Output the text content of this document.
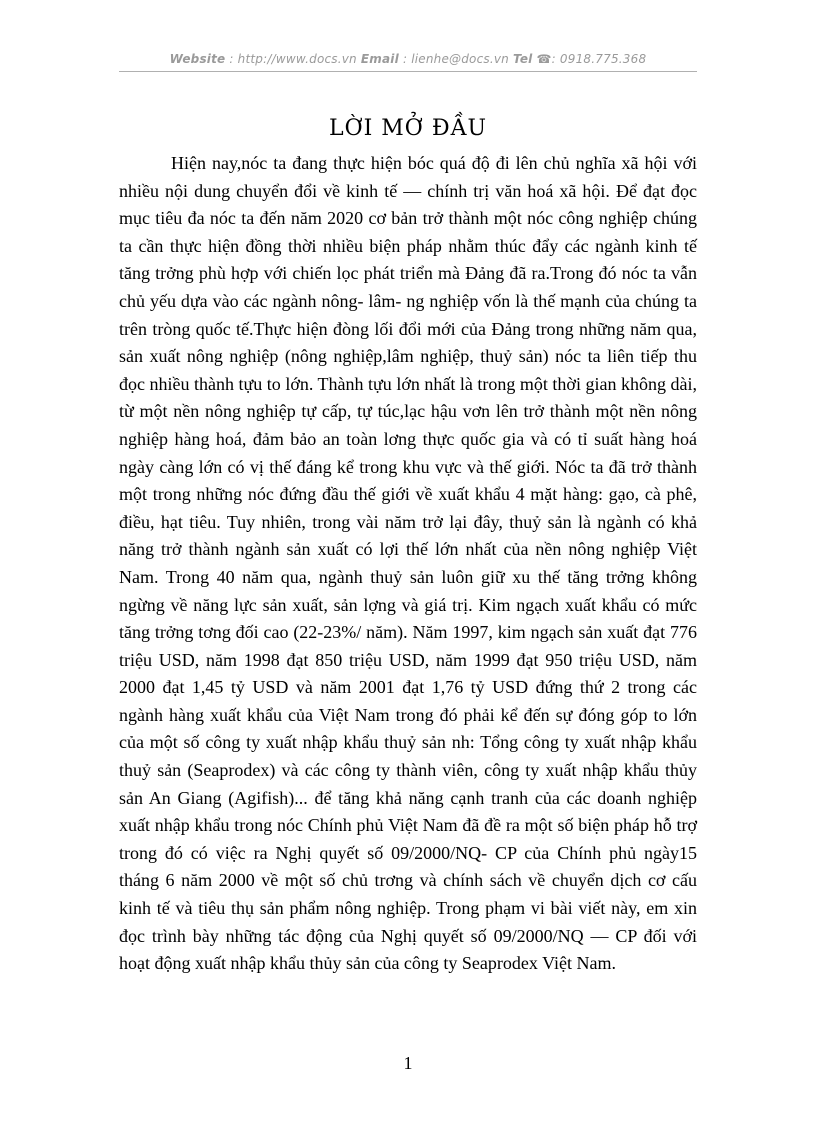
Website : http://www.docs.vn Email : lienhe@docs.vn Tel ☎: 0918.775.368
LỜI MỞ ĐẦU

Hiện nay,nóc ta đang thực hiện bóc quá độ đi lên chủ nghĩa xã hội với nhiều nội dung chuyển đổi về kinh tế — chính trị văn hoá xã hội. Để đạt đọc mục tiêu đa nóc ta đến năm 2020 cơ bản trở thành một nóc công nghiệp chúng ta cần thực hiện đồng thời nhiều biện pháp nhằm thúc đẩy các ngành kinh tế tăng trởng phù hợp với chiến lọc phát triển mà Đảng đã ra.Trong đó nóc ta vẫn chủ yếu dựa vào các ngành nông- lâm- ng nghiệp vốn là thế mạnh của chúng ta trên tròng quốc tế.Thực hiện đòng lối đổi mới của Đảng trong những năm qua, sản xuất nông nghiệp (nông nghiệp,lâm nghiệp, thuỷ sản) nóc ta liên tiếp thu đọc nhiều thành tựu to lớn. Thành tựu lớn nhất là trong một thời gian không dài, từ một nền nông nghiệp tự cấp, tự túc,lạc hậu vơn lên trở thành một nền nông nghiệp hàng hoá, đảm bảo an toàn lơng thực quốc gia và có tỉ suất hàng hoá ngày càng lớn có vị thế đáng kể trong khu vực và thế giới. Nóc ta đã trở thành một trong những nóc đứng đầu thế giới về xuất khẩu 4 mặt hàng: gạo, cà phê, điều, hạt tiêu. Tuy nhiên, trong vài năm trở lại đây, thuỷ sản là ngành có khả năng trở thành ngành sản xuất có lợi thế lớn nhất của nền nông nghiệp Việt Nam. Trong 40 năm qua, ngành thuỷ sản luôn giữ xu thế tăng trởng không ngừng về năng lực sản xuất, sản lợng và giá trị. Kim ngạch xuất khẩu có mức tăng trởng tơng đối cao (22-23%/ năm). Năm 1997, kim ngạch sản xuất đạt 776 triệu USD, năm 1998 đạt 850 triệu USD, năm 1999 đạt 950 triệu USD, năm 2000 đạt 1,45 tỷ USD và năm 2001 đạt 1,76 tỷ USD đứng thứ 2 trong các ngành hàng xuất khẩu của Việt Nam trong đó phải kể đến sự đóng góp to lớn của một số công ty xuất nhập khẩu thuỷ sản nh: Tổng công ty xuất nhập khẩu thuỷ sản (Seaprodex) và các công ty thành viên, công ty xuất nhập khẩu thủy sản An Giang (Agifish)... để tăng khả năng cạnh tranh của các doanh nghiệp xuất nhập khẩu trong nóc Chính phủ Việt Nam đã đề ra một số biện pháp hỗ trợ trong đó có việc ra Nghị quyết số 09/2000/NQ- CP của Chính phủ ngày15 tháng 6 năm 2000 về một số chủ trơng và chính sách về chuyển dịch cơ cấu kinh tế và tiêu thụ sản phẩm nông nghiệp. Trong phạm vi bài viết này, em xin đọc trình bày những tác động của Nghị quyết số 09/2000/NQ — CP đối với hoạt động xuất nhập khẩu thủy sản của công ty Seaprodex Việt Nam.

1
